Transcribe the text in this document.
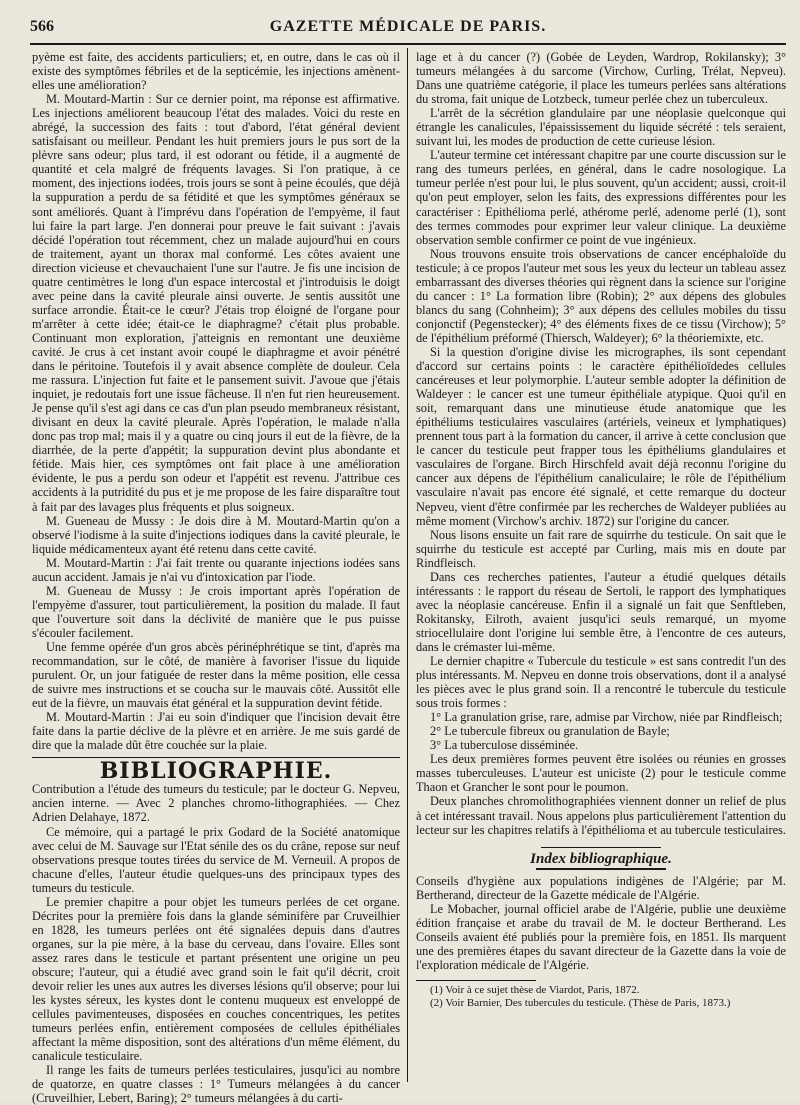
566	GAZETTE MÉDICALE DE PARIS.

pyème est faite, des accidents particuliers; et, en outre, dans le cas où il existe des symptômes fébriles et de la septicémie, les injections amènent-elles une amélioration?

M. Moutard-Martin : Sur ce dernier point, ma réponse est affirmative. Les injections améliorent beaucoup l'état des malades. Voici du reste en abrégé, la succession des faits : tout d'abord, l'état général devient satisfaisant ou meilleur. Pendant les huit premiers jours le pus sort de la plèvre sans odeur; plus tard, il est odorant ou fétide, il a augmenté de quantité et cela malgré de fréquents lavages. Si l'on pratique, à ce moment, des injections iodées, trois jours se sont à peine écoulés, que déjà la suppuration a perdu de sa fétidité et que les symptômes généraux se sont améliorés. Quant à l'imprévu dans l'opération de l'empyème, il faut lui faire la part large. J'en donnerai pour preuve le fait suivant : j'avais décidé l'opération tout récemment, chez un malade aujourd'hui en cours de traitement, ayant un thorax mal conformé. Les côtes avaient une direction vicieuse et chevauchaient l'une sur l'autre. Je fis une incision de quatre centimètres le long d'un espace intercostal et j'introduisis le doigt avec peine dans la cavité pleurale ainsi ouverte. Je sentis aussitôt une surface arrondie. Était-ce le cœur? J'étais trop éloigné de l'organe pour m'arrêter à cette idée; était-ce le diaphragme? c'était plus probable. Continuant mon exploration, j'atteignis en remontant une deuxième cavité. Je crus à cet instant avoir coupé le diaphragme et avoir pénétré dans le péritoine. Toutefois il y avait absence complète de douleur. Cela me rassura. L'injection fut faite et le pansement suivit. J'avoue que j'étais inquiet, je redoutais fort une issue fâcheuse. Il n'en fut rien heureusement. Je pense qu'il s'est agi dans ce cas d'un plan pseudo membraneux résistant, divisant en deux la cavité pleurale. Après l'opération, le malade n'alla donc pas trop mal; mais il y a quatre ou cinq jours il eut de la fièvre, de la diarrhée, de la perte d'appétit; la suppuration devint plus abondante et fétide. Mais hier, ces symptômes ont fait place à une amélioration évidente, le pus a perdu son odeur et l'appétit est revenu. J'attribue ces accidents à la putridité du pus et je me propose de les faire disparaître tout à fait par des lavages plus fréquents et plus soigneux.

M. Gueneau de Mussy : Je dois dire à M. Moutard-Martin qu'on a observé l'iodisme à la suite d'injections iodiques dans la cavité pleurale, le liquide médicamenteux ayant été retenu dans cette cavité.

M. Moutard-Martin : J'ai fait trente ou quarante injections iodées sans aucun accident. Jamais je n'ai vu d'intoxication par l'iode.

M. Gueneau de Mussy : Je crois important après l'opération de l'empyème d'assurer, tout particulièrement, la position du malade. Il faut que l'ouverture soit dans la déclivité de manière que le pus puisse s'écouler facilement.

Une femme opérée d'un gros abcès périnéphrétique se tint, d'après ma recommandation, sur le côté, de manière à favoriser l'issue du liquide purulent. Or, un jour fatiguée de rester dans la même position, elle cessa de suivre mes instructions et se coucha sur le mauvais côté. Aussitôt elle eut de la fièvre, un mauvais état général et la suppuration devint fétide.

M. Moutard-Martin : J'ai eu soin d'indiquer que l'incision devait être faite dans la partie déclive de la plèvre et en arrière. Je me suis gardé de dire que la malade dût être couchée sur la plaie.

BIBLIOGRAPHIE.

Contribution a l'étude des tumeurs du testicule; par le docteur G. Nepveu, ancien interne. — Avec 2 planches chromo-lithographiées. — Chez Adrien Delahaye, 1872.

Ce mémoire, qui a partagé le prix Godard de la Société anatomique avec celui de M. Sauvage sur l'Etat sénile des os du crâne, repose sur neuf observations presque toutes tirées du service de M. Verneuil. A propos de chacune d'elles, l'auteur étudie quelques-uns des principaux types des tumeurs du testicule.

Le premier chapitre a pour objet les tumeurs perlées de cet organe. Décrites pour la première fois dans la glande séminifère par Cruveilhier en 1828, les tumeurs perlées ont été signalées depuis dans d'autres organes, sur la pie mère, à la base du cerveau, dans l'ovaire. Elles sont assez rares dans le testicule et partant présentent une origine un peu obscure; l'auteur, qui a étudié avec grand soin le fait qu'il décrit, croit devoir relier les unes aux autres les diverses lésions qu'il observe; pour lui les kystes séreux, les kystes dont le contenu muqueux est enveloppé de cellules pavimenteuses, disposées en couches concentriques, les petites tumeurs perlées enfin, entièrement composées de cellules épithéliales affectant la même disposition, sont des altérations d'un même élément, du canalicule testiculaire.

Il range les faits de tumeurs perlées testiculaires, jusqu'ici au nombre de quatorze, en quatre classes : 1° Tumeurs mélangées à du cancer (Cruveilhier, Lebert, Baring); 2° tumeurs mélangées à du carti-

lage et à du cancer (?) (Gobée de Leyden, Wardrop, Rokilansky); 3° tumeurs mélangées à du sarcome (Virchow, Curling, Trélat, Nepveu). Dans une quatrième catégorie, il place les tumeurs perlées sans altérations du stroma, fait unique de Lotzbeck, tumeur perlée chez un tuberculeux.

L'arrêt de la sécrétion glandulaire par une néoplasie quelconque qui étrangle les canalicules, l'épaississement du liquide sécrété : tels seraient, suivant lui, les modes de production de cette curieuse lésion.

L'auteur termine cet intéressant chapitre par une courte discussion sur le rang des tumeurs perlées, en général, dans le cadre nosologique. La tumeur perlée n'est pour lui, le plus souvent, qu'un accident; aussi, croit-il qu'on peut employer, selon les faits, des expressions différentes pour les caractériser : Epithélioma perlé, athérome perlé, adenome perlé (1), sont des termes commodes pour exprimer leur valeur clinique. La deuxième observation semble confirmer ce point de vue ingénieux.

Nous trouvons ensuite trois observations de cancer encéphaloïde du testicule; à ce propos l'auteur met sous les yeux du lecteur un tableau assez embarrassant des diverses théories qui règnent dans la science sur l'origine du cancer : 1° La formation libre (Robin); 2° aux dépens des globules blancs du sang (Cohnheim); 3° aux dépens des cellules mobiles du tissu conjonctif (Pegenstecker); 4° des éléments fixes de ce tissu (Virchow); 5° de l'épithélium préformé (Thiersch, Waldeyer); 6° la théoriemixte, etc.

Si la question d'origine divise les micrographes, ils sont cependant d'accord sur certains points : le caractère épithélioïdedes cellules cancéreuses et leur polymorphie. L'auteur semble adopter la définition de Waldeyer : le cancer est une tumeur épithéliale atypique. Quoi qu'il en soit, remarquant dans une minutieuse étude anatomique que les épithéliums testiculaires vasculaires (artériels, veineux et lymphatiques) prennent tous part à la formation du cancer, il arrive à cette conclusion que le cancer du testicule peut frapper tous les épithéliums glandulaires et vasculaires de l'organe. Birch Hirschfeld avait déjà reconnu l'origine du cancer aux dépens de l'épithélium canaliculaire; le rôle de l'épithélium vasculaire n'avait pas encore été signalé, et cette remarque du docteur Nepveu, vient d'être confirmée par les recherches de Waldeyer publiées au même moment (Virchow's archiv. 1872) sur l'origine du cancer.

Nous lisons ensuite un fait rare de squirrhe du testicule. On sait que le squirrhe du testicule est accepté par Curling, mais mis en doute par Rindfleisch.

Dans ces recherches patientes, l'auteur a étudié quelques détails intéressants : le rapport du réseau de Sertoli, le rapport des lymphatiques avec la néoplasie cancéreuse. Enfin il a signalé un fait que Senftleben, Rokitansky, Eilroth, avaient jusqu'ici seuls remarqué, un myome striocellulaire dont l'origine lui semble être, à l'encontre de ces auteurs, dans le crémaster lui-même.

Le dernier chapitre « Tubercule du testicule » est sans contredit l'un des plus intéressants. M. Nepveu en donne trois observations, dont il a analysé les pièces avec le plus grand soin. Il a rencontré le tubercule du testicule sous trois formes :

1° La granulation grise, rare, admise par Virchow, niée par Rindfleisch;

2° Le tubercule fibreux ou granulation de Bayle;

3° La tuberculose disséminée.

Les deux premières formes peuvent être isolées ou réunies en grosses masses tuberculeuses. L'auteur est uniciste (2) pour le testicule comme Thaon et Grancher le sont pour le poumon.

Deux planches chromolithographiées viennent donner un relief de plus à cet intéressant travail. Nous appelons plus particulièrement l'attention du lecteur sur les chapitres relatifs à l'épithélioma et au tubercule testiculaires.

Index bibliographique.

Conseils d'hygiène aux populations indigènes de l'Algérie; par M. Bertherand, directeur de la Gazette médicale de l'Algérie.

Le Mobacher, journal officiel arabe de l'Algérie, publie une deuxième édition française et arabe du travail de M. le docteur Bertherand. Les Conseils avaient été publiés pour la première fois, en 1851. Ils marquent une des premières étapes du savant directeur de la Gazette dans la voie de l'exploration médicale de l'Algérie.

(1) Voir à ce sujet thèse de Viardot, Paris, 1872.

(2) Voir Barnier, Des tubercules du testicule. (Thèse de Paris, 1873.)
